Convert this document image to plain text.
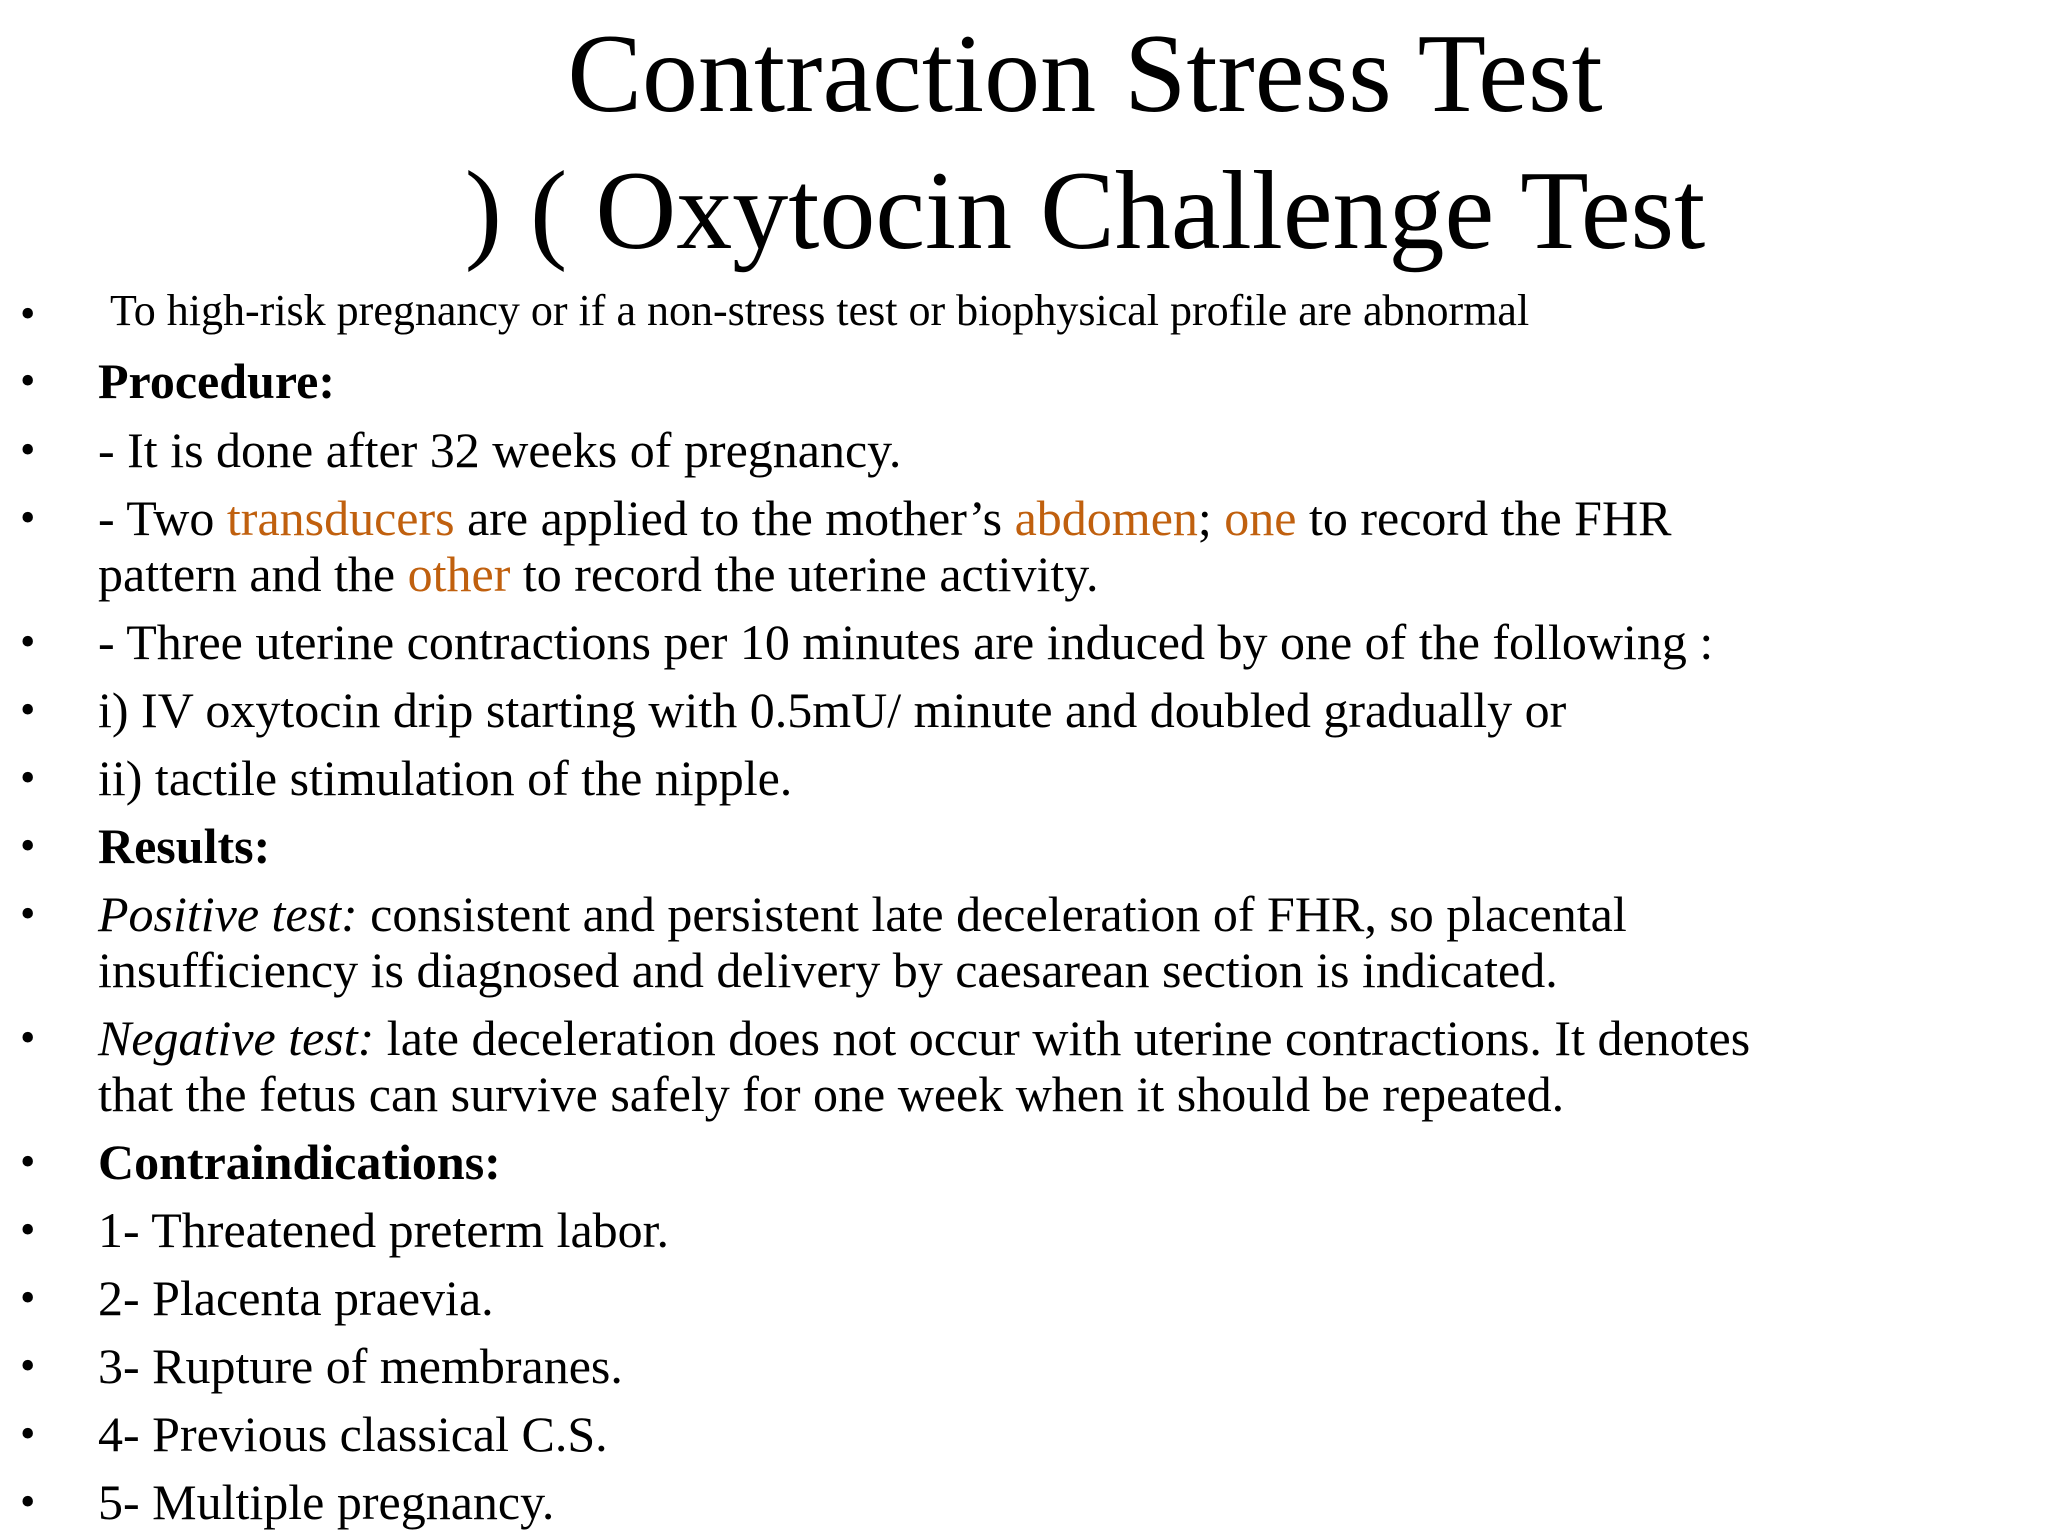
Contraction Stress Test
) ( Oxytocin Challenge Test
• To high-risk pregnancy or if a non-stress test or biophysical profile are abnormal
• Procedure:
• - It is done after 32 weeks of pregnancy.
• - Two transducers are applied to the mother’s abdomen; one to record the FHR
pattern and the other to record the uterine activity.
• - Three uterine contractions per 10 minutes are induced by one of the following :
• i) IV oxytocin drip starting with 0.5mU/ minute and doubled gradually or
• ii) tactile stimulation of the nipple.
• Results:
• Positive test: consistent and persistent late deceleration of FHR, so placental
insufficiency is diagnosed and delivery by caesarean section is indicated.
• Negative test: late deceleration does not occur with uterine contractions. It denotes
that the fetus can survive safely for one week when it should be repeated.
• Contraindications:
• 1- Threatened preterm labor.
• 2- Placenta praevia.
• 3- Rupture of membranes.
• 4- Previous classical C.S.
• 5- Multiple pregnancy.
